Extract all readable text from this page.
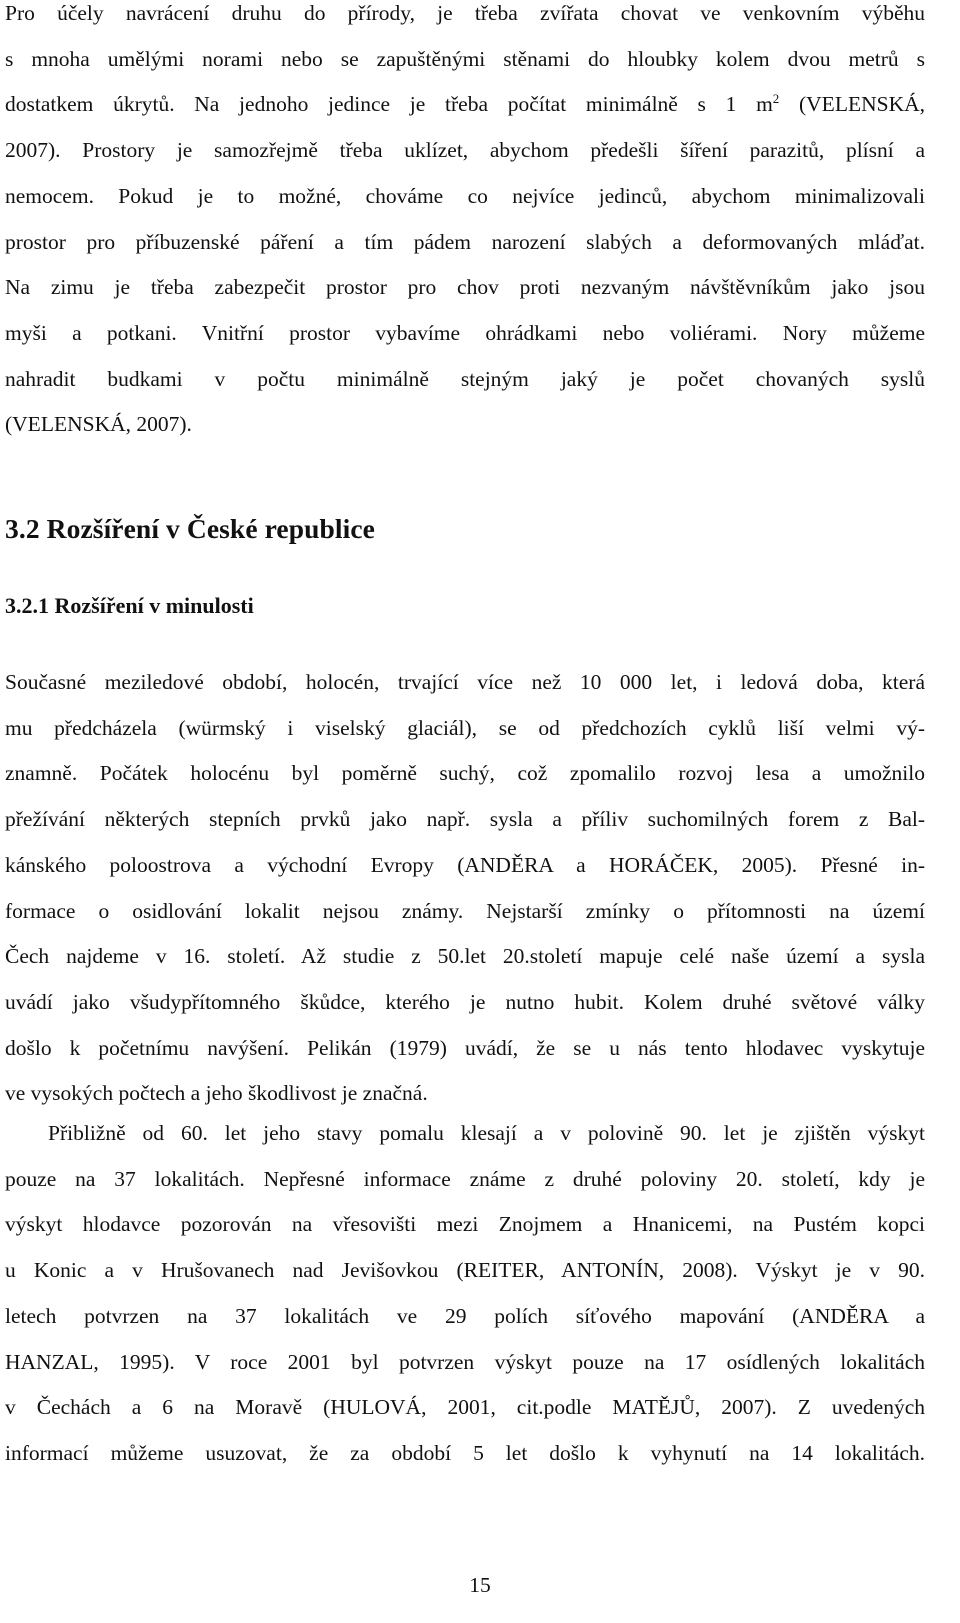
Pro účely navrácení druhu do přírody, je třeba zvířata chovat ve venkovním výběhu
s mnoha umělými norami nebo se zapuštěnými stěnami do hloubky kolem dvou metrů s
dostatkem úkrytů. Na jednoho jedince je třeba počítat minimálně s 1 $m^2$ (VELENSKÁ,
2007). Prostory je samozřejmě třeba uklízet, abychom předešli šíření parazitů, plísní a
nemocem. Pokud je to možné, chováme co nejvíce jedinců, abychom minimalizovali
prostor pro příbuzenské páření a tím pádem narození slabých a deformovaných mláďat.
Na zimu je třeba zabezpečit prostor pro chov proti nezvaným návštěvníkům jako jsou
myši a potkani. Vnitřní prostor vybavíme ohrádkami nebo voliérami. Nory můžeme
nahradit budkami v počtu minimálně stejným jaký je počet chovaných syslů
(VELENSKÁ, 2007).
3.2 Rozšíření v České republice
3.2.1 Rozšíření v minulosti
Současné meziledové období, holocén, trvající více než 10 000 let, i ledová doba, která
mu předcházela (würmský i viselský glaciál), se od předchozích cyklů liší velmi vý-
znamně. Počátek holocénu byl poměrně suchý, což zpomalilo rozvoj lesa a umožnilo
přežívání některých stepních prvků jako např. sysla a příliv suchomilných forem z Bal-
kánského poloostrova a východní Evropy (ANDĚRA a HORÁČEK, 2005). Přesné in-
formace o osidlování lokalit nejsou známy. Nejstarší zmínky o přítomnosti na území
Čech najdeme v 16. století. Až studie z 50.let 20.století mapuje celé naše území a sysla
uvádí jako všudypřítomného škůdce, kterého je nutno hubit. Kolem druhé světové války
došlo k početnímu navýšení. Pelikán (1979) uvádí, že se u nás tento hlodavec vyskytuje
ve vysokých počtech a jeho škodlivost je značná.
Přibližně od 60. let jeho stavy pomalu klesají a v polovině 90. let je zjištěn výskyt
pouze na 37 lokalitách. Nepřesné informace známe z druhé poloviny 20. století, kdy je
výskyt hlodavce pozorován na vřesovišti mezi Znojmem a Hnanicemi, na Pustém kopci
u Konic a v Hrušovanech nad Jevišovkou (REITER, ANTONÍN, 2008). Výskyt je v 90.
letech potvrzen na 37 lokalitách ve 29 polích síťového mapování (ANDĚRA a
HANZAL, 1995). V roce 2001 byl potvrzen výskyt pouze na 17 osídlených lokalitách
v Čechách a 6 na Moravě (HULOVÁ, 2001, cit.podle MATĚJŮ, 2007). Z uvedených
informací můžeme usuzovat, že za období 5 let došlo k vyhynutí na 14 lokalitách.
15
